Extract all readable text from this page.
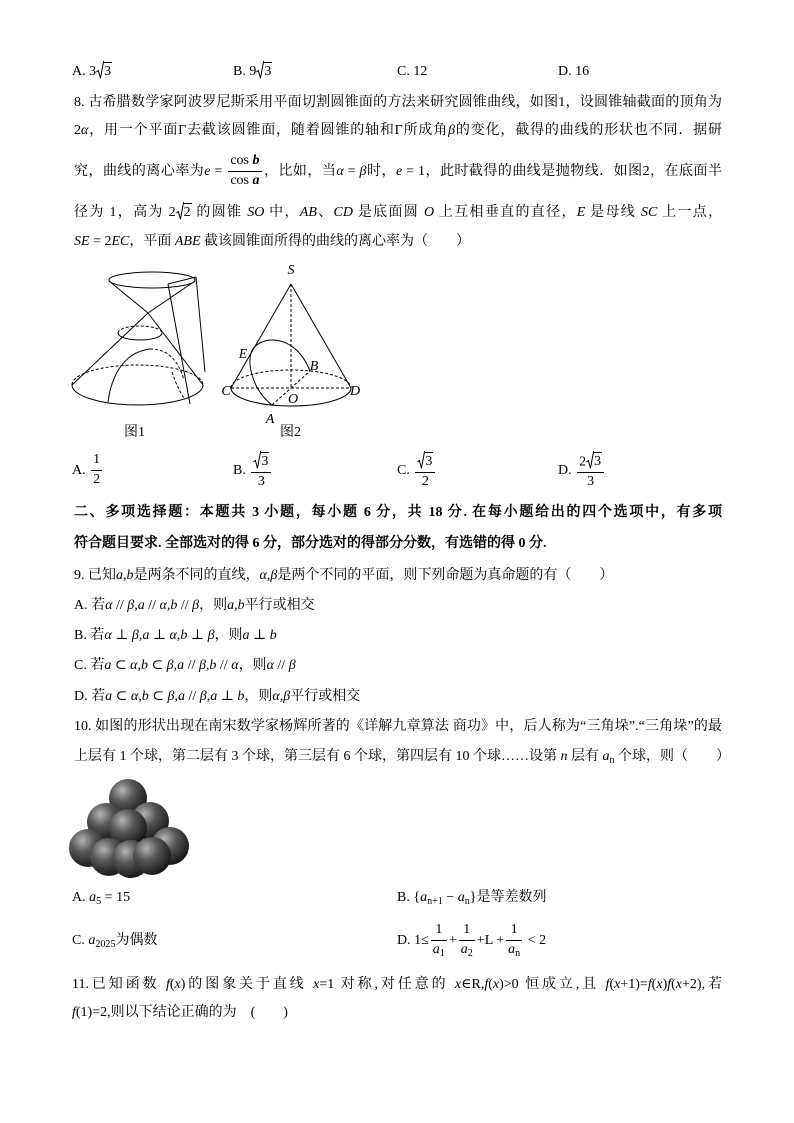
A. 3 3	B. 9 3	C. 12	D. 16
8. 古希腊数学家阿波罗尼斯采用平面切割圆锥面的方法来研究圆锥曲线，如图1，设圆锥轴截面的顶角为
2α，用一个平面Γ去截该圆锥面，随着圆锥的轴和Γ所成角β的变化，截得的曲线的形状也不同．据研
究，曲线的离心率为$e = \frac{\text{cos b}}{\text{cos a}}$ ，比如，当α = β时，e = 1，此时截得的曲线是抛物线．如图2，在底面半
径为 1，高为 2 2 的圆锥 SO 中，AB、CD 是底面圆 O 上互相垂直的直径，E 是母线 SC 上一点，
SE = 2EC，平面 ABE 截该圆锥面所得的曲线的离心率为（　　）
图1
S
E
B
C
O
D
A
图2
A. $\frac{1}{2}$	B. $\frac{3}{3}$	C. $\frac{3}{2}$	D. $\frac{2 3}{3}$
二、多项选择题：本题共 3 小题，每小题 6 分，共 18 分. 在每小题给出的四个选项中，有多项
符合题目要求. 全部选对的得 6 分，部分选对的得部分分数，有选错的得 0 分.
9. 已知a,b是两条不同的直线，α,β是两个不同的平面，则下列命题为真命题的有（　　）
A. 若α // β,a // α,b // β，则a,b平行或相交
B. 若α ⊥ β,a ⊥ α,b ⊥ β，则a ⊥ b
C. 若a ⊂ α,b ⊂ β,a // β,b // α，则α // β
D. 若a ⊂ α,b ⊂ β,a // β,a ⊥ b，则α,β平行或相交
10. 如图的形状出现在南宋数学家杨辉所著的《详解九章算法 商功》中，后人称为“三角垛”.“三角垛”的最
上层有 1 个球，第二层有 3 个球，第三层有 6 个球，第四层有 10 个球……设第 n 层有 $a_n$ 个球，则（　　）
A. $a_5 = 15$	B. $\{a_{n+1} - a_n\}$是等差数列
C. $a_{2025}$为偶数	D. $1\le \frac{1}{a_1} + \frac{1}{a_2} +L + \frac{1}{a_n} < 2$
11.已知函数 f(x)的图象关于直线 x=1 对称,对任意的 x∈R,f(x)>0 恒成立,且 f(x+1)=f(x)f(x+2),若
f(1)=2,则以下结论正确的为　(　　)
